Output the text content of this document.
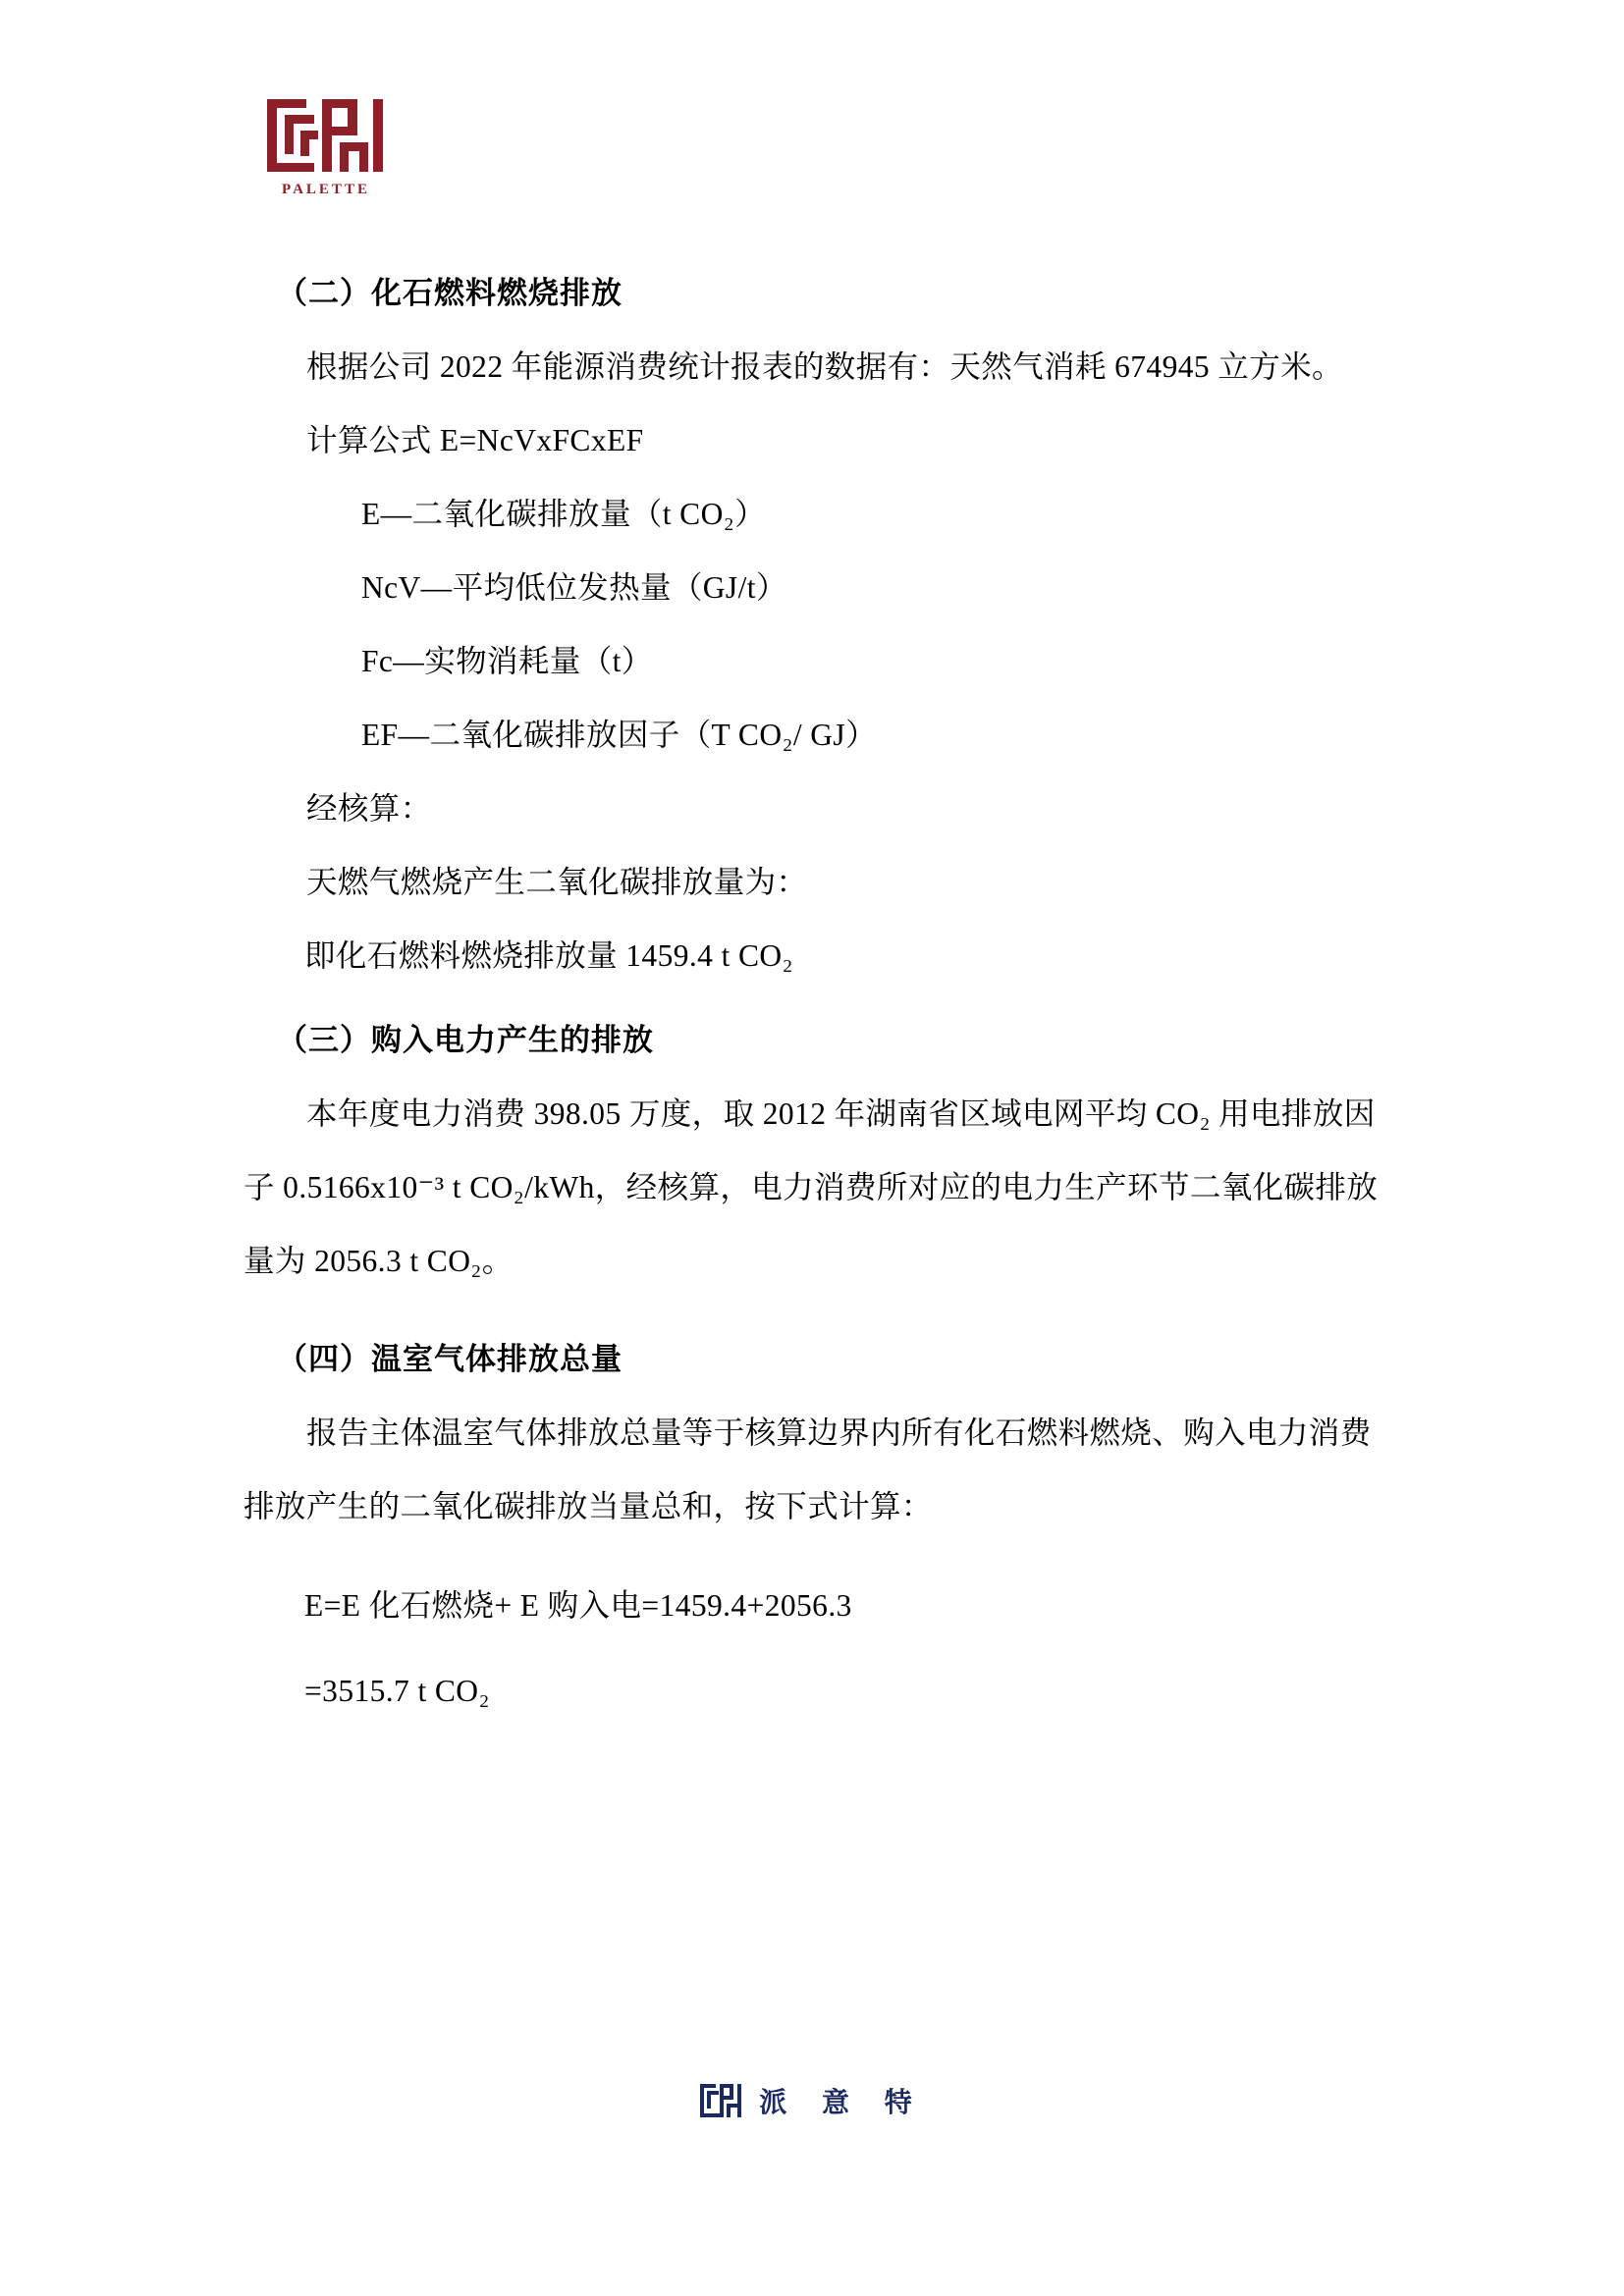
PALETTE
（二）化石燃料燃烧排放

根据公司 2022 年能源消费统计报表的数据有：天然气消耗 674945 立方米。

计算公式 E=NcVxFCxEF

E—二氧化碳排放量（t CO₂）

NcV—平均低位发热量（GJ/t）

Fc—实物消耗量（t）

EF—二氧化碳排放因子（T CO₂/ GJ）

经核算：

天燃气燃烧产生二氧化碳排放量为：

即化石燃料燃烧排放量 1459.4 t CO₂

（三）购入电力产生的排放

本年度电力消费 398.05 万度，取 2012 年湖南省区域电网平均 CO₂ 用电排放因子 0.5166x10⁻³ t CO₂/kWh，经核算，电力消费所对应的电力生产环节二氧化碳排放量为 2056.3 t CO₂。

（四）温室气体排放总量

报告主体温室气体排放总量等于核算边界内所有化石燃料燃烧、购入电力消费排放产生的二氧化碳排放当量总和，按下式计算：

E=E 化石燃烧+ E 购入电=1459.4+2056.3

=3515.7 t CO₂

派 意 特
